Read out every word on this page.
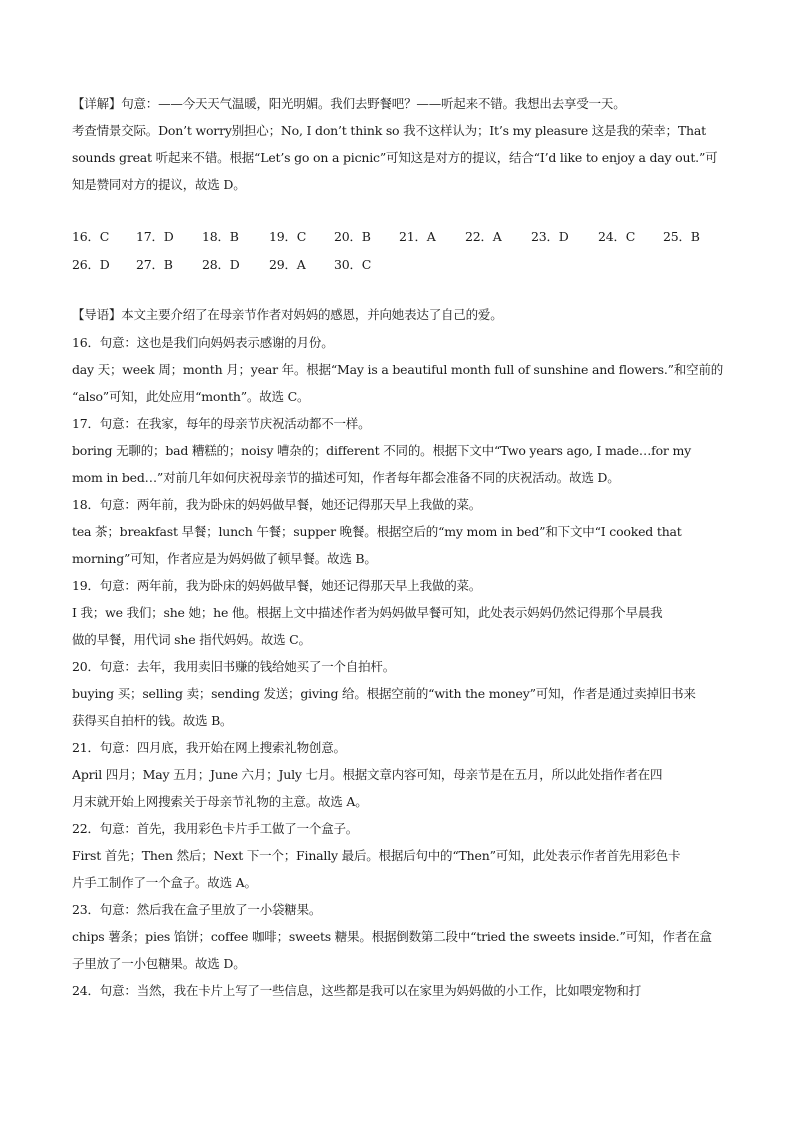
【详解】句意：——今天天气温暖，阳光明媚。我们去野餐吧？——听起来不错。我想出去享受一天。
考查情景交际。Don’t worry别担心；No, I don’t think so 我不这样认为；It’s my pleasure 这是我的荣幸；That
sounds great 听起来不错。根据“Let’s go on a picnic”可知这是对方的提议，结合“I’d like to enjoy a day out.”可
知是赞同对方的提议，故选 D。
16．C 17．D 18．B 19．C 20．B 21．A 22．A 23．D 24．C 25．B
26．D 27．B 28．D 29．A 30．C
【导语】本文主要介绍了在母亲节作者对妈妈的感恩，并向她表达了自己的爱。
16．句意：这也是我们向妈妈表示感谢的月份。
day 天；week 周；month 月；year 年。根据“May is a beautiful month full of sunshine and flowers.”和空前的
“also”可知，此处应用“month”。故选 C。
17．句意：在我家，每年的母亲节庆祝活动都不一样。
boring 无聊的；bad 糟糕的；noisy 嘈杂的；different 不同的。根据下文中“Two years ago, I made…for my
mom in bed…”对前几年如何庆祝母亲节的描述可知，作者每年都会准备不同的庆祝活动。故选 D。
18．句意：两年前，我为卧床的妈妈做早餐，她还记得那天早上我做的菜。
tea 茶；breakfast 早餐；lunch 午餐；supper 晚餐。根据空后的“my mom in bed”和下文中“I cooked that
morning”可知，作者应是为妈妈做了顿早餐。故选 B。
19．句意：两年前，我为卧床的妈妈做早餐，她还记得那天早上我做的菜。
I 我；we 我们；she 她；he 他。根据上文中描述作者为妈妈做早餐可知，此处表示妈妈仍然记得那个早晨我
做的早餐，用代词 she 指代妈妈。故选 C。
20．句意：去年，我用卖旧书赚的钱给她买了一个自拍杆。
buying 买；selling 卖；sending 发送；giving 给。根据空前的“with the money”可知，作者是通过卖掉旧书来
获得买自拍杆的钱。故选 B。
21．句意：四月底，我开始在网上搜索礼物创意。
April 四月；May 五月；June 六月；July 七月。根据文章内容可知，母亲节是在五月，所以此处指作者在四
月末就开始上网搜索关于母亲节礼物的主意。故选 A。
22．句意：首先，我用彩色卡片手工做了一个盒子。
First 首先；Then 然后；Next 下一个；Finally 最后。根据后句中的“Then”可知，此处表示作者首先用彩色卡
片手工制作了一个盒子。故选 A。
23．句意：然后我在盒子里放了一小袋糖果。
chips 薯条；pies 馅饼；coffee 咖啡；sweets 糖果。根据倒数第二段中“tried the sweets inside.”可知，作者在盒
子里放了一小包糖果。故选 D。
24．句意：当然，我在卡片上写了一些信息，这些都是我可以在家里为妈妈做的小工作，比如喂宠物和打
